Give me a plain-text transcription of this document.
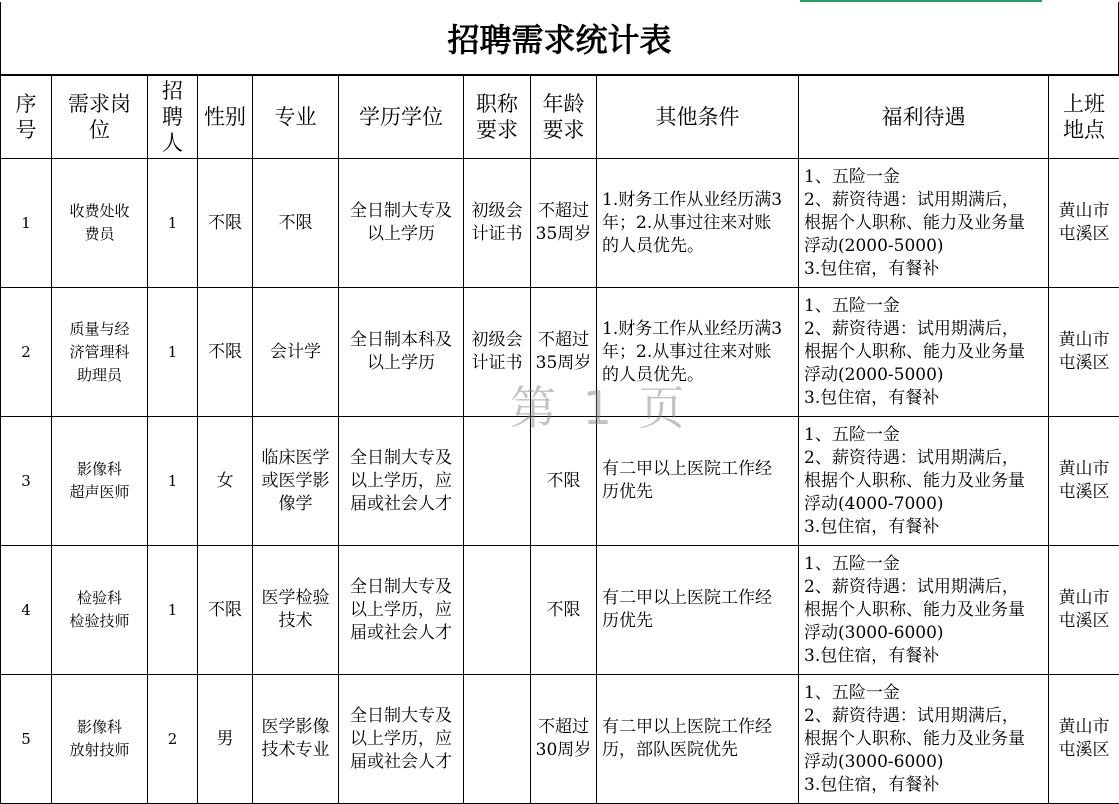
招聘需求统计表
序
号	需求岗
位	招
聘
人	性别	专业	学历学位	职称
要求	年龄
要求	其他条件	福利待遇	上班
地点

1	收费处收
费员	1	不限	不限	全日制大专及
以上学历	初级会
计证书	不超过
35周岁	1.财务工作从业经历满3
年；2.从事过往来对账
的人员优先。	1、五险一金
2、薪资待遇：试用期满后，
根据个人职称、能力及业务量
浮动(2000-5000)
3.包住宿，有餐补	黄山市
屯溪区

2	质量与经
济管理科
助理员	1	不限	会计学	全日制本科及
以上学历	初级会
计证书	不超过
35周岁	1.财务工作从业经历满3
年；2.从事过往来对账
的人员优先。	1、五险一金
2、薪资待遇：试用期满后，
根据个人职称、能力及业务量
浮动(2000-5000)
3.包住宿，有餐补	黄山市
屯溪区

3	影像科
超声医师	1	女	临床医学
或医学影
像学	全日制大专及
以上学历，应
届或社会人才		不限	有二甲以上医院工作经
历优先	1、五险一金
2、薪资待遇：试用期满后，
根据个人职称、能力及业务量
浮动(4000-7000)
3.包住宿，有餐补	黄山市
屯溪区

4	检验科
检验技师	1	不限	医学检验
技术	全日制大专及
以上学历，应
届或社会人才		不限	有二甲以上医院工作经
历优先	1、五险一金
2、薪资待遇：试用期满后，
根据个人职称、能力及业务量
浮动(3000-6000)
3.包住宿，有餐补	黄山市
屯溪区

5	影像科
放射技师	2	男	医学影像
技术专业	全日制大专及
以上学历，应
届或社会人才		不超过
30周岁	有二甲以上医院工作经
历，部队医院优先	1、五险一金
2、薪资待遇：试用期满后，
根据个人职称、能力及业务量
浮动(3000-6000)
3.包住宿，有餐补	黄山市
屯溪区
第 1 页
